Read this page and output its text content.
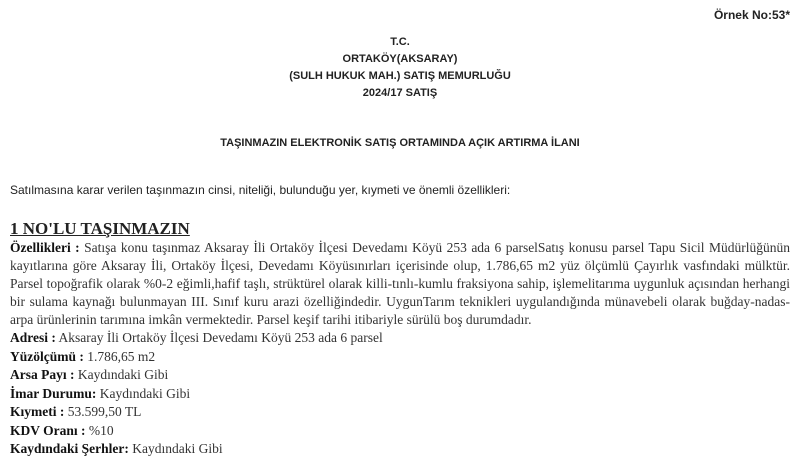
Örnek No:53*
T.C.
ORTAKÖY(AKSARAY)
(SULH HUKUK MAH.) SATIŞ MEMURLUĞU
2024/17 SATIŞ
TAŞINMAZIN ELEKTRONİK SATIŞ ORTAMINDA AÇIK ARTIRMA İLANI
Satılmasına karar verilen taşınmazın cinsi, niteliği, bulunduğu yer, kıymeti ve önemli özellikleri:
1 NO'LU TAŞINMAZIN

Özellikleri : Satışa konu taşınmaz Aksaray İli Ortaköy İlçesi Devedamı Köyü 253 ada 6 parselSatış konusu parsel Tapu Sicil Müdürlüğünün kayıtlarına göre Aksaray İli, Ortaköy İlçesi, Devedamı Köyüsınırları içerisinde olup, 1.786,65 m2 yüz ölçümlü Çayırlık vasfındaki mülktür. Parsel topoğrafik olarak %0-2 eğimli,hafif taşlı, strüktürel olarak killi-tınlı-kumlu fraksiyona sahip, işlemelitarıma uygunluk açısından herhangi bir sulama kaynağı bulunmayan III. Sınıf kuru arazi özelliğindedir. UygunTarım teknikleri uygulandığında münavebeli olarak buğday-nadas-arpa ürünlerinin tarımına imkân vermektedir. Parsel keşif tarihi itibariyle sürülü boş durumdadır.

Adresi : Aksaray İli Ortaköy İlçesi Devedamı Köyü 253 ada 6 parsel

Yüzölçümü : 1.786,65 m2

Arsa Payı : Kaydındaki Gibi

İmar Durumu: Kaydındaki Gibi

Kıymeti : 53.599,50 TL

KDV Oranı : %10

Kaydındaki Şerhler: Kaydındaki Gibi
